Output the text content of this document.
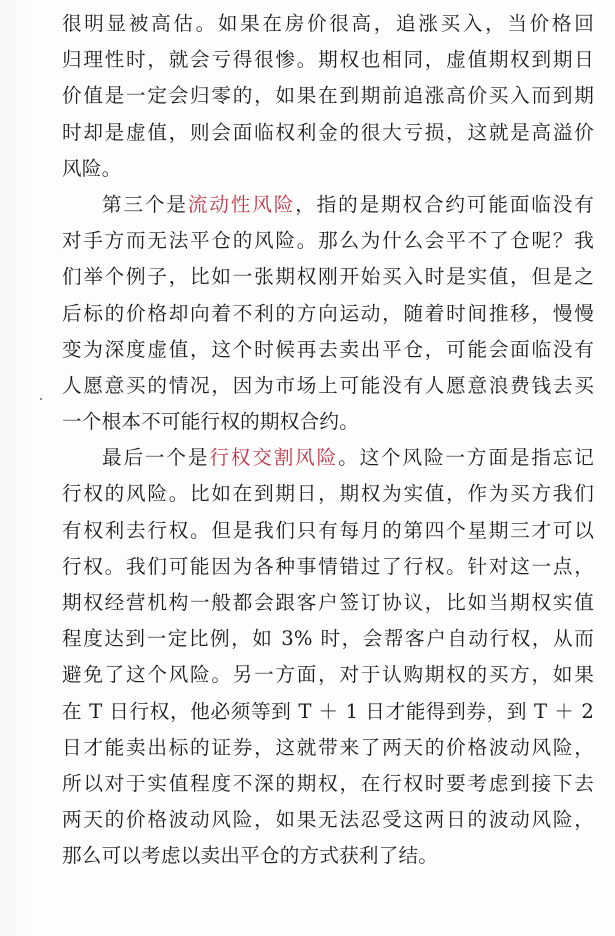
很明显被高估。如果在房价很高，追涨买入，当价格回
归理性时，就会亏得很惨。期权也相同，虚值期权到期日
价值是一定会归零的，如果在到期前追涨高价买入而到期
时却是虚值，则会面临权利金的很大亏损，这就是高溢价
风险。
第三个是流动性风险，指的是期权合约可能面临没有
对手方而无法平仓的风险。那么为什么会平不了仓呢？我
们举个例子，比如一张期权刚开始买入时是实值，但是之
后标的价格却向着不利的方向运动，随着时间推移，慢慢
变为深度虚值，这个时候再去卖出平仓，可能会面临没有
人愿意买的情况，因为市场上可能没有人愿意浪费钱去买
一个根本不可能行权的期权合约。
最后一个是行权交割风险。这个风险一方面是指忘记
行权的风险。比如在到期日，期权为实值，作为买方我们
有权利去行权。但是我们只有每月的第四个星期三才可以
行权。我们可能因为各种事情错过了行权。针对这一点，
期权经营机构一般都会跟客户签订协议，比如当期权实值
程度达到一定比例，如 3% 时，会帮客户自动行权，从而
避免了这个风险。另一方面，对于认购期权的买方，如果
在 T 日行权，他必须等到 T ＋ 1 日才能得到券，到 T ＋ 2
日才能卖出标的证券，这就带来了两天的价格波动风险，
所以对于实值程度不深的期权，在行权时要考虑到接下去
两天的价格波动风险，如果无法忍受这两日的波动风险，
那么可以考虑以卖出平仓的方式获利了结。
